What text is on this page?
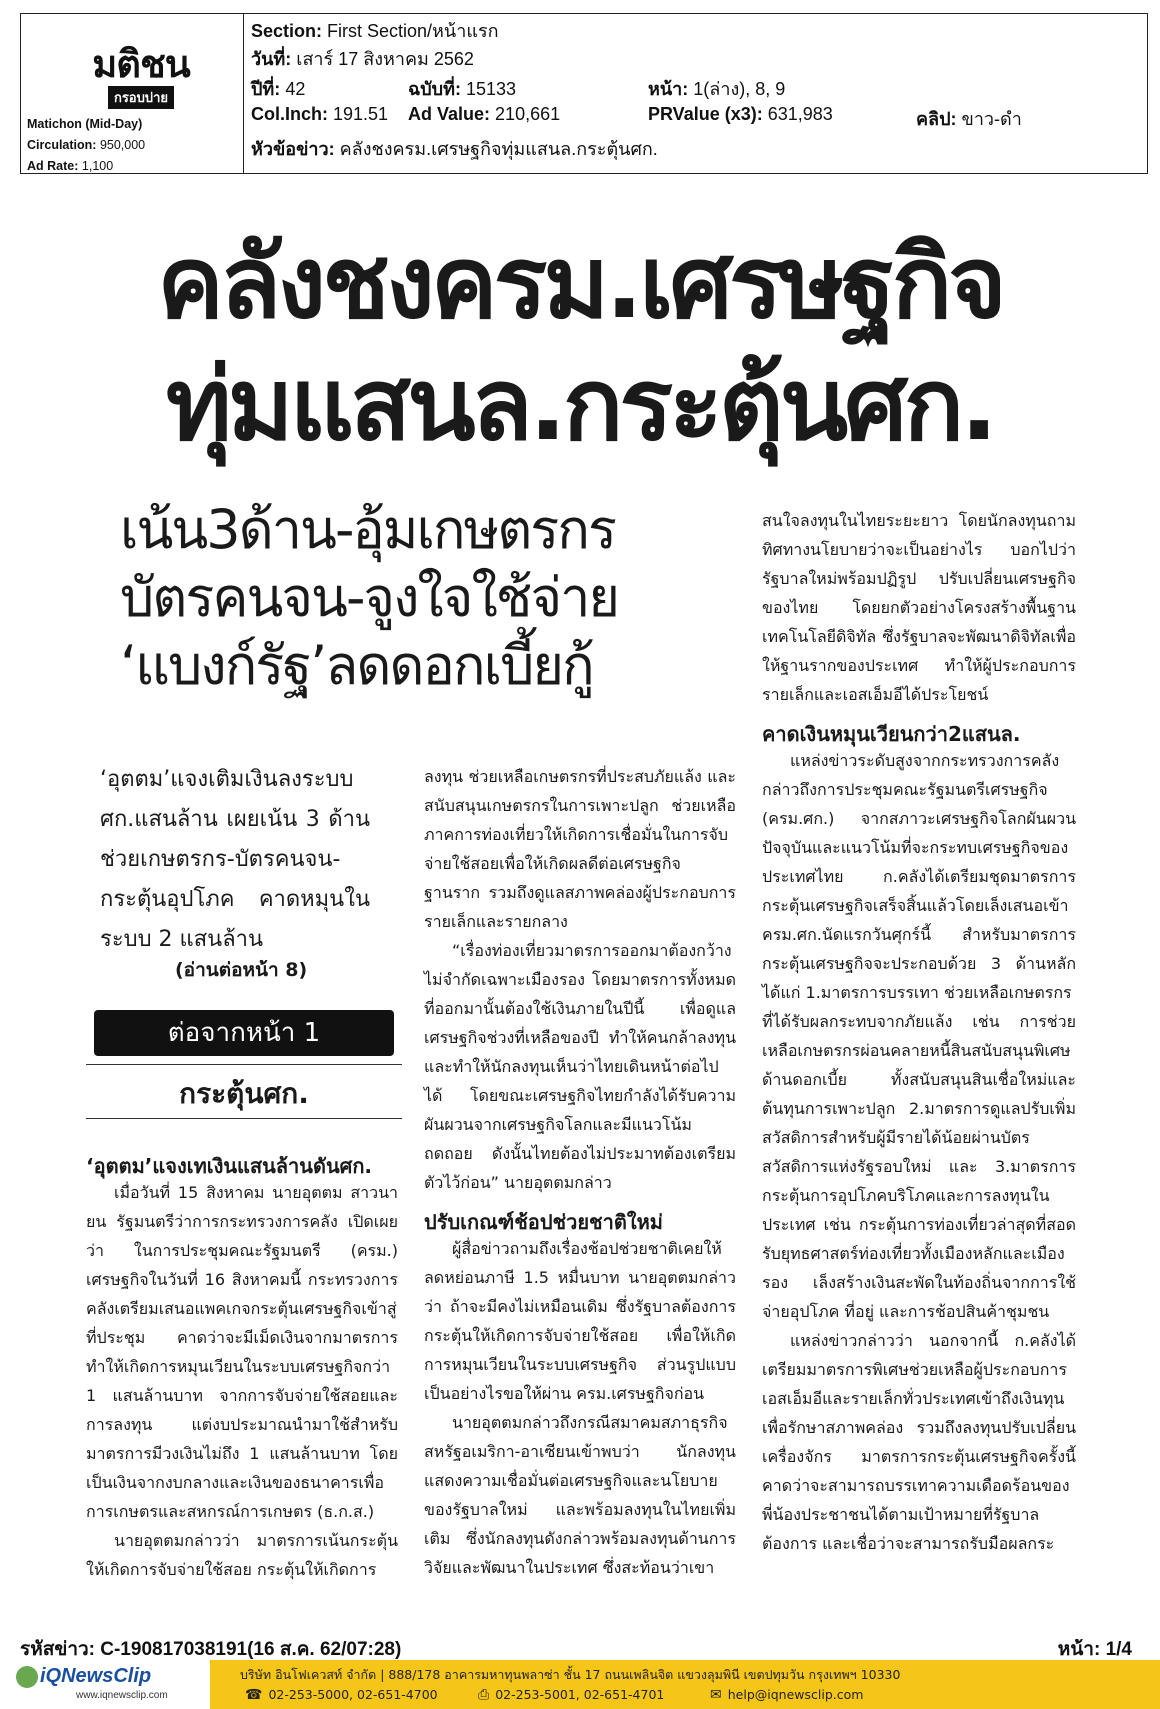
มติชน
กรอบบ่าย
Matichon (Mid-Day)
Circulation: 950,000
Ad Rate: 1,100
Section: First Section/หน้าแรก
วันที่: เสาร์ 17 สิงหาคม 2562
ปีที่: 42	ฉบับที่: 15133	หน้า: 1(ล่าง), 8, 9
Col.Inch: 191.51 Ad Value: 210,661	PRValue (x3): 631,983	คลิป: ขาว-ดำ
หัวข้อข่าว: คลังชงครม.เศรษฐกิจทุ่มแสนล.กระตุ้นศก.
คลังชงครม.เศรษฐกิจ
ทุ่มแสนล.กระตุ้นศก.
เน้น3ด้าน-อุ้มเกษตรกร
บัตรคนจน-จูงใจใช้จ่าย
‘แบงก์รัฐ’ลดดอกเบี้ยกู้
‘อุตตม’แจงเติมเงินลงระบบ ศก.แสนล้าน เผยเน้น 3 ด้านช่วยเกษตรกร-บัตรคนจน-กระตุ้นอุปโภค คาดหมุนในระบบ 2 แสนล้าน
(อ่านต่อหน้า 8)
ต่อจากหน้า 1
กระตุ้นศก.
‘อุตตม’แจงเทเงินแสนล้านดันศก.

เมื่อวันที่ 15 สิงหาคม นายอุตตม สาวนายน รัฐมนตรีว่าการกระทรวงการคลัง เปิดเผยว่า ในการประชุมคณะรัฐมนตรี (ครม.) เศรษฐกิจในวันที่ 16 สิงหาคมนี้ กระทรวงการคลังเตรียมเสนอแพคเกจกระตุ้นเศรษฐกิจเข้าสู่ที่ประชุม คาดว่าจะมีเม็ดเงินจากมาตรการทำให้เกิดการหมุนเวียนในระบบเศรษฐกิจกว่า 1 แสนล้านบาท จากการจับจ่ายใช้สอยและการลงทุน แต่งบประมาณนำมาใช้สำหรับมาตรการมีวงเงินไม่ถึง 1 แสนล้านบาท โดยเป็นเงินจากงบกลางและเงินของธนาคารเพื่อการเกษตรและสหกรณ์การเกษตร (ธ.ก.ส.)

นายอุตตมกล่าวว่า มาตรการเน้นกระตุ้นให้เกิดการจับจ่ายใช้สอย กระตุ้นให้เกิดการ

ลงทุน ช่วยเหลือเกษตรกรที่ประสบภัยแล้ง และสนับสนุนเกษตรกรในการเพาะปลูก ช่วยเหลือภาคการท่องเที่ยวให้เกิดการเชื่อมั่นในการจับจ่ายใช้สอยเพื่อให้เกิดผลดีต่อเศรษฐกิจฐานราก รวมถึงดูแลสภาพคล่องผู้ประกอบการรายเล็กและรายกลาง

“เรื่องท่องเที่ยวมาตรการออกมาต้องกว้างไม่จำกัดเฉพาะเมืองรอง โดยมาตรการทั้งหมดที่ออกมานั้นต้องใช้เงินภายในปีนี้ เพื่อดูแลเศรษฐกิจช่วงที่เหลือของปี ทำให้คนกล้าลงทุนและทำให้นักลงทุนเห็นว่าไทยเดินหน้าต่อไปได้ โดยขณะเศรษฐกิจไทยกำลังได้รับความผันผวนจากเศรษฐกิจโลกและมีแนวโน้มถดถอย ดังนั้นไทยต้องไม่ประมาทต้องเตรียมตัวไว้ก่อน” นายอุตตมกล่าว

ปรับเกณฑ์ช้อปช่วยชาติใหม่

ผู้สื่อข่าวถามถึงเรื่องช้อปช่วยชาติเคยให้ลดหย่อนภาษี 1.5 หมื่นบาท นายอุตตมกล่าวว่า ถ้าจะมีคงไม่เหมือนเดิม ซึ่งรัฐบาลต้องการกระตุ้นให้เกิดการจับจ่ายใช้สอย เพื่อให้เกิดการหมุนเวียนในระบบเศรษฐกิจ ส่วนรูปแบบเป็นอย่างไรขอให้ผ่าน ครม.เศรษฐกิจก่อน

นายอุตตมกล่าวถึงกรณีสมาคมสภาธุรกิจสหรัฐอเมริกา-อาเซียนเข้าพบว่า นักลงทุนแสดงความเชื่อมั่นต่อเศรษฐกิจและนโยบายของรัฐบาลใหม่ และพร้อมลงทุนในไทยเพิ่มเติม ซึ่งนักลงทุนดังกล่าวพร้อมลงทุนด้านการวิจัยและพัฒนาในประเทศ ซึ่งสะท้อนว่าเขา

สนใจลงทุนในไทยระยะยาว โดยนักลงทุนถามทิศทางนโยบายว่าจะเป็นอย่างไร บอกไปว่ารัฐบาลใหม่พร้อมปฏิรูป ปรับเปลี่ยนเศรษฐกิจของไทย โดยยกตัวอย่างโครงสร้างพื้นฐานเทคโนโลยีดิจิทัล ซึ่งรัฐบาลจะพัฒนาดิจิทัลเพื่อให้ฐานรากของประเทศ ทำให้ผู้ประกอบการรายเล็กและเอสเอ็มอีได้ประโยชน์

คาดเงินหมุนเวียนกว่า2แสนล.

แหล่งข่าวระดับสูงจากกระทรวงการคลังกล่าวถึงการประชุมคณะรัฐมนตรีเศรษฐกิจ (ครม.ศก.) จากสภาวะเศรษฐกิจโลกผันผวนปัจจุบันและแนวโน้มที่จะกระทบเศรษฐกิจของประเทศไทย ก.คลังได้เตรียมชุดมาตรการกระตุ้นเศรษฐกิจเสร็จสิ้นแล้วโดยเล็งเสนอเข้า ครม.ศก.นัดแรกวันศุกร์นี้ สำหรับมาตรการกระตุ้นเศรษฐกิจจะประกอบด้วย 3 ด้านหลักได้แก่ 1.มาตรการบรรเทา ช่วยเหลือเกษตรกร

ที่ได้รับผลกระทบจากภัยแล้ง เช่น การช่วยเหลือเกษตรกรผ่อนคลายหนี้สินสนับสนุนพิเศษด้านดอกเบี้ย ทั้งสนับสนุนสินเชื่อใหม่และต้นทุนการเพาะปลูก 2.มาตรการดูแลปรับเพิ่มสวัสดิการสำหรับผู้มีรายได้น้อยผ่านบัตรสวัสดิการแห่งรัฐรอบใหม่ และ 3.มาตรการกระตุ้นการอุปโภคบริโภคและการลงทุนในประเทศ เช่น กระตุ้นการท่องเที่ยวล่าสุดที่สอดรับยุทธศาสตร์ท่องเที่ยวทั้งเมืองหลักและเมืองรอง เล็งสร้างเงินสะพัดในท้องถิ่นจากการใช้จ่ายอุปโภค ที่อยู่ และการช้อปสินค้าชุมชน

แหล่งข่าวกล่าวว่า นอกจากนี้ ก.คลังได้เตรียมมาตรการพิเศษช่วยเหลือผู้ประกอบการเอสเอ็มอีและรายเล็กทั่วประเทศเข้าถึงเงินทุนเพื่อรักษาสภาพคล่อง รวมถึงลงทุนปรับเปลี่ยนเครื่องจักร มาตรการกระตุ้นเศรษฐกิจครั้งนี้ คาดว่าจะสามารถบรรเทาความเดือดร้อนของพี่น้องประชาชนได้ตามเป้าหมายที่รัฐบาลต้องการ และเชื่อว่าจะสามารถรับมือผลกระ

รหัสข่าว: C-190817038191(16 ส.ค. 62/07:28)	หน้า: 1/4
iQNewsClip
www.iqnewsclip.com
บริษัท อินโฟเควสท์ จำกัด | 888/178 อาคารมหาทุนพลาซ่า ชั้น 17 ถนนเพลินจิต แขวงลุมพินี เขตปทุมวัน กรุงเทพฯ 10330
☎ 02-253-5000, 02-651-4700	⎙ 02-253-5001, 02-651-4701	✉ help@iqnewsclip.com
